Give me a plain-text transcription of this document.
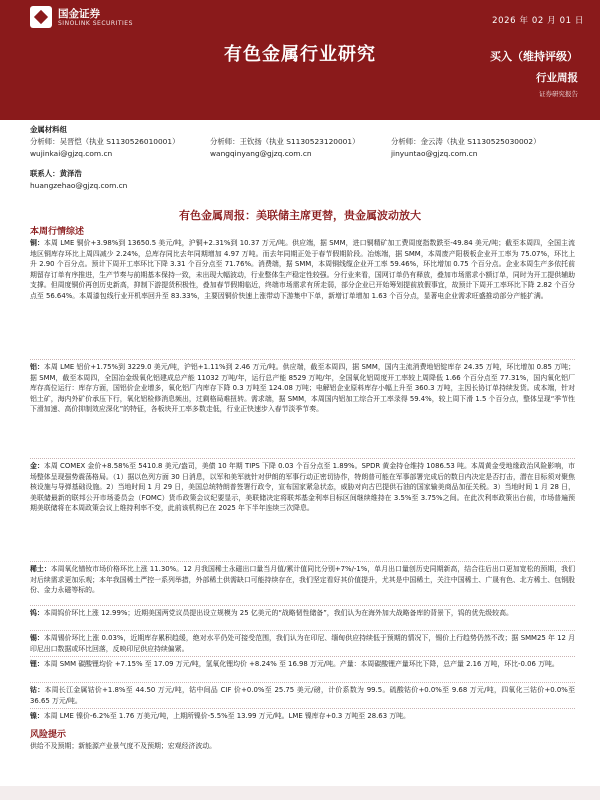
国金证券
SINOLINK SECURITIES	2026 年 02 月 01 日
有色金属行业研究	买入（维持评级）
行业周报
证券研究报告
金属材料组
分析师：吴晋恺（执业 S1130526010001）	分析师：王钦扬（执业 S1130523120001）	分析师：金云涛（执业 S1130525030002）
wujinkai@gjzq.com.cn	wangqinyang@gjzq.com.cn	jinyuntao@gjzq.com.cn
联系人：黄泽浩
huangzehao@gjzq.com.cn
有色金属周报：美联储主席更替，贵金属波动放大
本周行情综述
铜：本周 LME 铜价+3.98%到 13650.5 美元/吨，沪铜+2.31%到 10.37 万元/吨。供应端，据 SMM，进口铜精矿加工费周度指数跌至-49.84 美元/吨；截至本周四，全国主流地区铜库存环比上周四减少 2.24%，总库存同比去年同期增加 4.97 万吨。而去年同期正处于春节假期阶段。冶炼端，据 SMM，本周废产阳极板企业开工率为 75.07%，环比上升 2.90 个百分点。预计下周开工率环比下降 3.31 个百分点至 71.76%。消费端，据 SMM，本周铜线缆企业开工率 59.46%，环比增加 0.75 个百分点。企业本周生产多依托前期留存订单有序推进，生产节奏与前期基本保持一致，未出现大幅波动，行业整体生产稳定性较强。分行业来看，国网订单仍有释放，叠加市场需求小额订单，同时为开工提供辅助支撑。但周度铜价再创历史新高，抑制下游提货积极性，叠加春节假期临近，终端市场需求有所走弱，部分企业已开始筹划提前放假事宜，故预计下周开工率环比下降 2.82 个百分点至 56.64%。本周漆包线行业开机率回升至 83.33%，主要因铜价快速上涨带动下游集中下单，新增订单增加 1.63 个百分点，显著电企业需求旺盛推动部分产能扩满。
铝：本周 LME 铝价+1.75%到 3229.0 美元/吨，沪铝+1.11%到 2.46 万元/吨。供应端，截至本周四，据 SMM，国内主流消费地铝锭库存 24.35 万吨，环比增加 0.85 万吨；据 SMM，截至本周四，全国冶金级氧化铝建成总产能 11032 万吨/年，运行总产能 8529 万吨/年，全国氧化铝周度开工率较上周降低 1.66 个百分点至 77.31%，国内氧化铝厂库存高位运行：库存方面，国铝价企业增多，氧化铝厂内库存下降 0.3 万吨至 124.08 万吨；电解铝企业原料库存小幅上升至 360.3 万吨，主因长协订单持续发货。成本端，针对铝土矿，海内外矿价承压下行，氧化铝检修消息频出，过剩格局难扭转。需求端，据 SMM，本周国内铝加工综合开工率录得 59.4%，较上周下滑 1.5 个百分点，整体呈现“季节性下滑加速、高价抑制效应深化”的特征，各板块开工率多数走低，行业正快速步入春节淡季节奏。
金：本周 COMEX 金价+8.58%至 5410.8 美元/盎司，美债 10 年期 TIPS 下降 0.03 个百分点至 1.89%。SPDR 黄金持仓维持 1086.53 吨。本周黄金受地缘政治风险影响，市场整体呈现强势震荡格局。（1）据以色列方面 30 日消息，以军和美军就针对伊朗的军事行动正密切协作，特朗普可能在军事部署完成后的数日内决定是否打击，潜在目标须对聚焦核设施与导弹基础设施。2）当地时间 1 月 29 日，美国总统特朗普签署行政令，宣布国家紧急状态，威胁对向古巴提供石油的国家输美商品加征关税。3）当地时间 1 月 28 日，美联储最新的联邦公开市场委员会（FOMC）货币政策会议纪要显示，美联储决定将联邦基金利率目标区间继续维持在 3.5%至 3.75%之间。在此次利率政策出台前，市场普遍预期美联储将在本周政策会议上维持利率不变，此前该机构已在 2025 年下半年连续三次降息。
稀土：本周氧化镨钕市场价格环比上涨 11.30%。12 月我国稀土永磁出口量当月值/累计值同比分别+7%/-1%，单月出口量创历史同期新高，结合往后出口更加宽松的预期，我们对后续需求更加乐观；本年我国稀土严控一系列举措，外部稀土供需缺口可能持续存在，我们坚定看好其价值提升，尤其是中国稀土，关注中国稀土、广晟有色、北方稀土、包钢股份、金力永磁等标的。
钨：本周钨价环比上涨 12.99%；近期美国两党议员提出设立规模为 25 亿美元的“战略韧性储备”，我们认为在海外加大战略备库的背景下，钨的优先级较高。
锡：本周锡价环比上涨 0.03%，近期库存累积趋缓，绝对水平仍处可接受范围，我们认为在印尼、缅甸供应持续低于预期的情况下，锡价上行趋势仍然不改；据 SMM25 年 12 月印尼出口数据或环比回落，反映印尼供应持续偏紧。
锂：本周 SMM 碳酸锂均价 +7.15% 至 17.09 万元/吨，氢氧化锂均价 +8.24% 至 16.98 万元/吨。产量：本周碳酸锂产量环比下降，总产量 2.16 万吨，环比-0.06 万吨。
钴：本周长江金属钴价+1.8%至 44.50 万元/吨，钴中间品 CIF 价+0.0%至 25.75 美元/磅，计价系数为 99.5。硫酸钴价+0.0%至 9.68 万元/吨，四氧化三钴价+0.0%至 36.65 万元/吨。
镍：本周 LME 镍价-6.2%至 1.76 万美元/吨，上期所镍价-5.5%至 13.99 万元/吨。LME 镍库存+0.3 万吨至 28.63 万吨。
风险提示
供给不及预期；新能源产业景气度不及预期；宏观经济波动。
